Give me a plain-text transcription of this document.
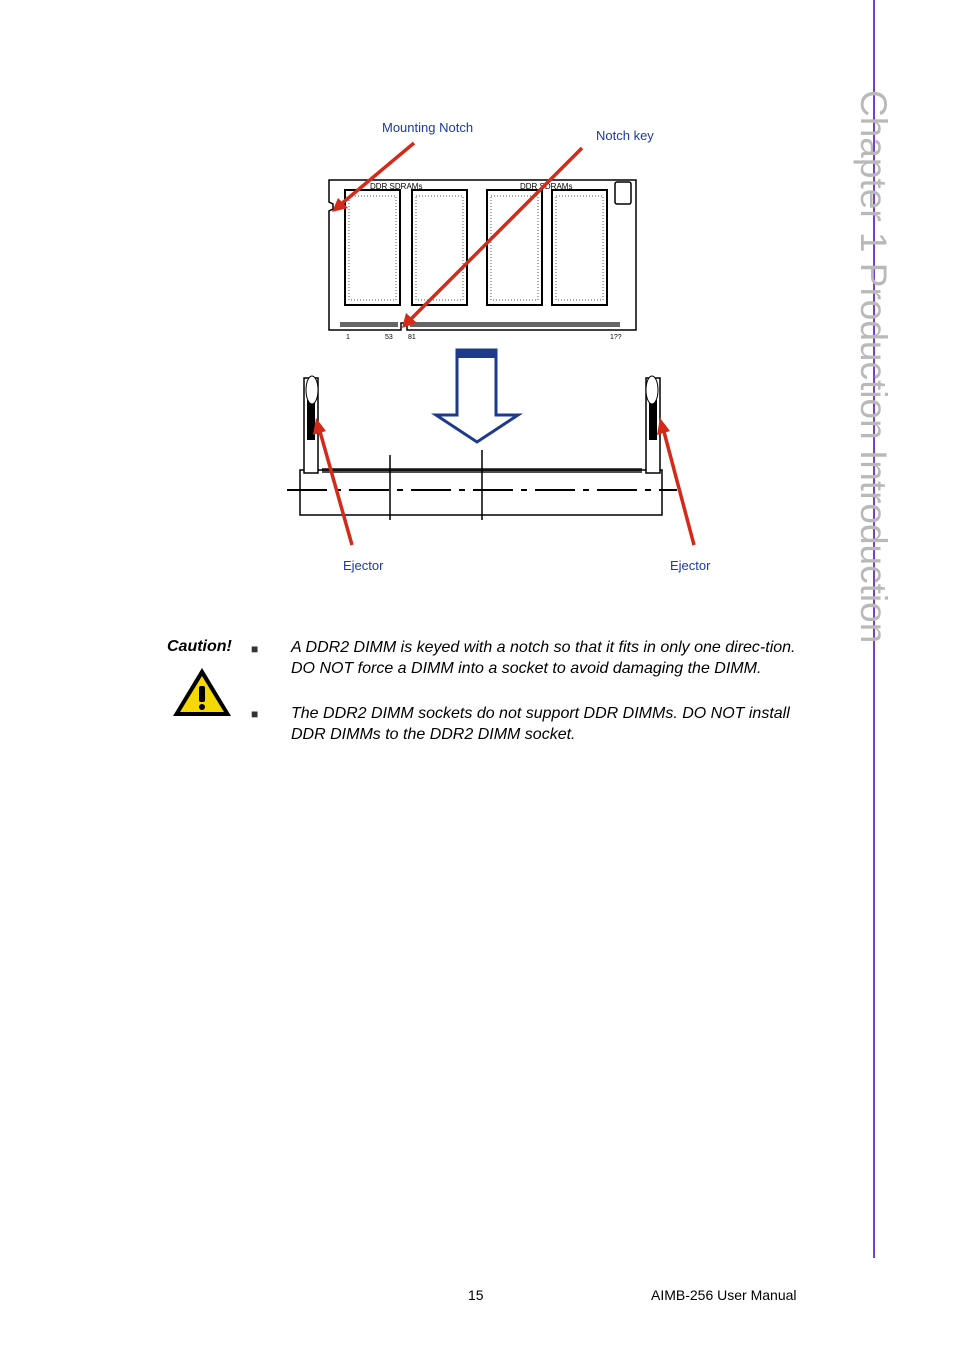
Chapter 1 Production Introduction
DDR SDRAMs	DDR SDRAMs
1	53 81	1??
Mounting Notch
Notch key
Ejector	Ejector
Caution! ■ A DDR2 DIMM is keyed with a notch so that it fits in only one direc-tion. DO NOT force a DIMM into a socket to avoid damaging the DIMM.
■ The DDR2 DIMM sockets do not support DDR DIMMs. DO NOT install DDR DIMMs to the DDR2 DIMM socket.
15	AIMB-256 User Manual
